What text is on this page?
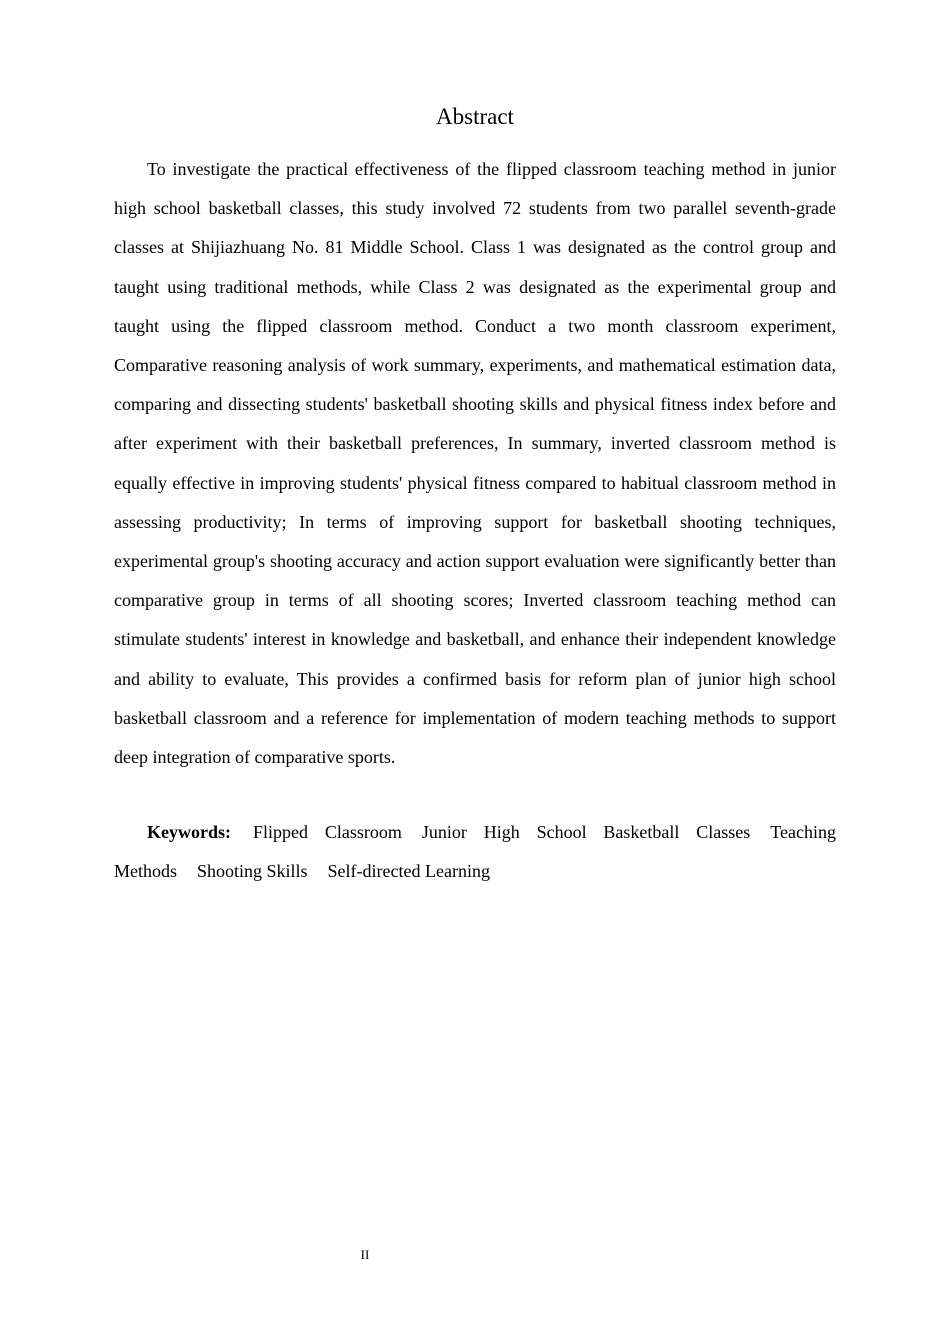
Abstract

To investigate the practical effectiveness of the flipped classroom teaching method in junior high school basketball classes, this study involved 72 students from two parallel seventh-grade classes at Shijiazhuang No. 81 Middle School. Class 1 was designated as the control group and taught using traditional methods, while Class 2 was designated as the experimental group and taught using the flipped classroom method. Conduct a two month classroom experiment, Comparative reasoning analysis of work summary, experiments, and mathematical estimation data, comparing and dissecting students' basketball shooting skills and physical fitness index before and after experiment with their basketball preferences, In summary, inverted classroom method is equally effective in improving students' physical fitness compared to habitual classroom method in assessing productivity; In terms of improving support for basketball shooting techniques, experimental group's shooting accuracy and action support evaluation were significantly better than comparative group in terms of all shooting scores; Inverted classroom teaching method can stimulate students' interest in knowledge and basketball, and enhance their independent knowledge and ability to evaluate, This provides a confirmed basis for reform plan of junior high school basketball classroom and a reference for implementation of modern teaching methods to support deep integration of comparative sports.

Keywords: Flipped Classroom Junior High School Basketball Classes Teaching Methods Shooting Skills Self-directed Learning

II
